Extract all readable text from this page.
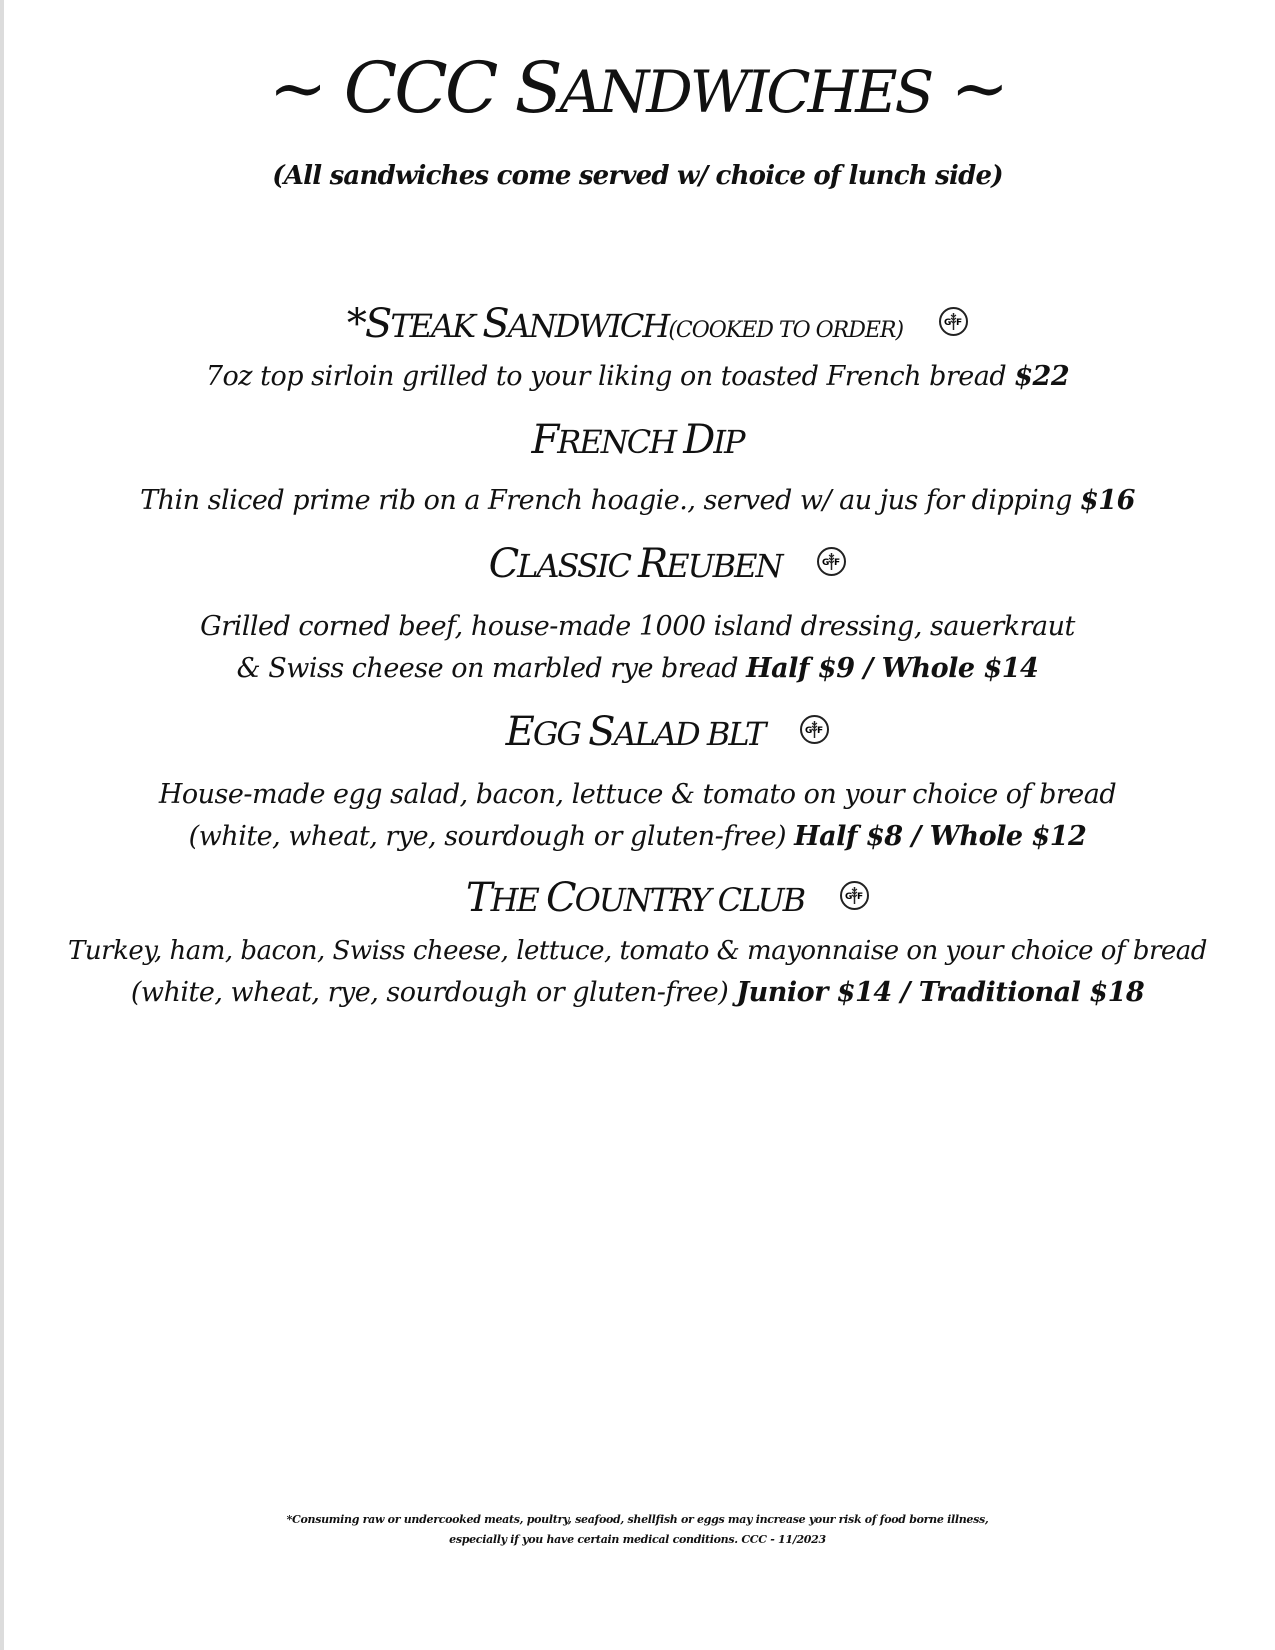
~ CCC SANDWICHES ~
(All sandwiches come served w/ choice of lunch side)
*STEAK SANDWICH(COOKED TO ORDER)	G F
7oz top sirloin grilled to your liking on toasted French bread $22
FRENCH DIP
Thin sliced prime rib on a French hoagie., served w/ au jus for dipping $16
CLASSIC REUBEN	G F
Grilled corned beef, house-made 1000 island dressing, sauerkraut
& Swiss cheese on marbled rye bread Half $9 / Whole $14
EGG SALAD BLT	G F
House-made egg salad, bacon, lettuce & tomato on your choice of bread
(white, wheat, rye, sourdough or gluten-free) Half $8 / Whole $12
THE COUNTRY CLUB	G F
Turkey, ham, bacon, Swiss cheese, lettuce, tomato & mayonnaise on your choice of bread
(white, wheat, rye, sourdough or gluten-free) Junior $14 / Traditional $18
*Consuming raw or undercooked meats, poultry, seafood, shellfish or eggs may increase your risk of food borne illness,
especially if you have certain medical conditions. CCC - 11/2023
